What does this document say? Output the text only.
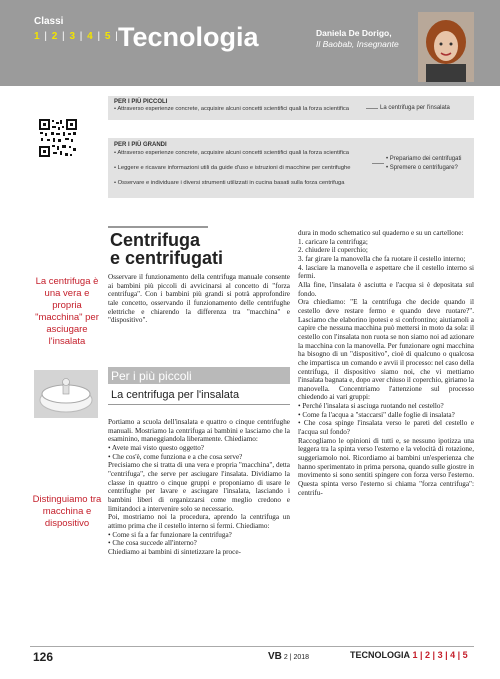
Classi
1 | 2 | 3 | 4 | 5 | Tecnologia	Daniela De Dorigo,
Il Baobab, Insegnante
PER I PIÙ PICCOLI
• Attraverso esperienze concrete, acquisire alcuni concetti scientifici quali la forza scientifica	La centrifuga per l'insalata
PER I PIÙ GRANDI
• Attraverso esperienze concrete, acquisire alcuni concetti scientifici quali la forza scientifica
• Leggere e ricavare informazioni utili da guide d'uso e istruzioni di macchine per centrifughe
• Osservare e individuare i diversi strumenti utilizzati in cucina basati sulla forza centrifuga
• Prepariamo dei centrifugati
• Spremere o centrifugare?
Centrifuga
e centrifugati
La centrifuga è una vera e propria "macchina" per asciugare l'insalata
Distinguiamo tra macchina e dispositivo

Osservare il funzionamento della centrifuga manuale consente ai bambini più piccoli di avvicinarsi al concetto di "forza centrifuga". Con i bambini più grandi si potrà approfondire tale concetto, osservando il funzionamento delle centrifughe elettriche e chiarendo la differenza tra "macchina" e "dispositivo".

Per i più piccoli
La centrifuga per l'insalata

Portiamo a scuola dell'insalata e quattro o cinque centrifughe manuali. Mostriamo la centrifuga ai bambini e lasciamo che la esaminino, maneggiandola liberamente. Chiediamo:

• Avete mai visto questo oggetto?

• Che cos'è, come funziona e a che cosa serve?

Precisiamo che si tratta di una vera e propria "macchina", detta "centrifuga", che serve per asciugare l'insalata. Dividiamo la classe in quattro o cinque gruppi e proponiamo di usare le centrifughe per lavare e asciugare l'insalata, lasciando i bambini liberi di organizzarsi come meglio credono e limitandoci a intervenire solo se necessario.

Poi, mostriamo noi la procedura, aprendo la centrifuga un attimo prima che il cestello interno si fermi. Chiediamo:

• Come si fa a far funzionare la centrifuga?

• Che cosa succede all'interno?

Chiediamo ai bambini di sintetizzare la proce-

dura in modo schematico sul quaderno e su un cartellone:

1. caricare la centrifuga;

2. chiudere il coperchio;

3. far girare la manovella che fa ruotare il cestello interno;

4. lasciare la manovella e aspettare che il cestello interno si fermi.

Alla fine, l'insalata è asciutta e l'acqua si è depositata sul fondo.

Ora chiediamo: "E la centrifuga che decide quando il cestello deve restare fermo e quando deve ruotare?". Lasciamo che elaborino ipotesi e si confrontino; aiutiamoli a capire che nessuna macchina può mettersi in moto da sola: il cestello con l'insalata non ruota se non siamo noi ad azionare la macchina con la manovella. Per funzionare ogni macchina ha bisogno di un "dispositivo", cioè di qualcuno o qualcosa che impartisca un comando e avvii il processo: nel caso della centrifuga, il dispositivo siamo noi, che vi mettiamo l'insalata bagnata e, dopo aver chiuso il coperchio, giriamo la manovella. Concentriamo l'attenzione sul processo chiedendo ai vari gruppi:

• Perché l'insalata si asciuga ruotando nel cestello?

• Come fa l'acqua a "staccarsi" dalle foglie di insalata?

• Che cosa spinge l'insalata verso le pareti del cestello e l'acqua sul fondo?

Raccogliamo le opinioni di tutti e, se nessuno ipotizza una leggera tra la spinta verso l'esterno e la velocità di rotazione, suggeriamolo noi. Ricordiamo ai bambini un'esperienza che hanno sperimentato in prima persona, quando sulle giostre in movimento si sono sentiti spingere con forza verso l'esterno. Questa spinta verso l'esterno si chiama "forza centrifuga": centrifu-

126	VB 2 | 2018	TECNOLOGIA 1 | 2 | 3 | 4 | 5
